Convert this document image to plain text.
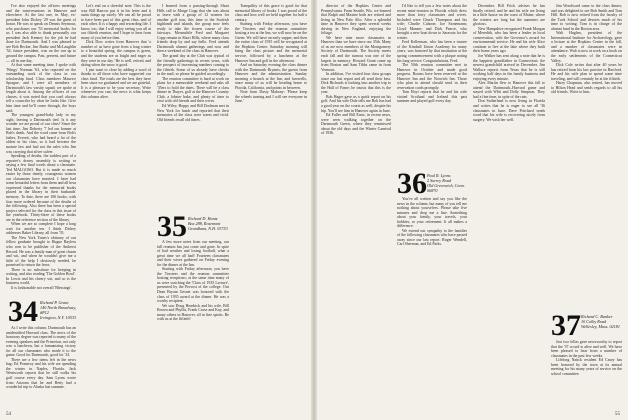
I've also enjoyed the officers meetings and the mini-reunions in Hanover and elsewhere. At the last one, in May, ex-president John Dickey '29 was the guest of honor. He was to speak on Dennis Seymour, who purchases our '53 memorial books for us. I was also able to thank personally our president Jack Kenney for the job he had done for Dartmouth. And I was pleased to see Bob Becker, Jim Burke and McLaughlin '54, future president, was on the run up to ground the campus. Past, present, and future — all in one day.

At that same meeting time, I spoke with 'Wingy' Norman '63, who reported on the outstanding work of the class in our scholarship fund. Class members Maurice Sprague, and I were all members of Dartmouth's law varsity squad; we spoke at length about it. Among the officers of our classes, it was noted that you can't always tell a councilor by what he looks like. Give him time and he'll come through, the boys said.

The youngest grand-baby lady in my sight, leaving a Dartmouth tied. Is it any wonder we are proud of our class? Since the last time, Jim Doherty '7 led our banner at Bob's death. And the word came from Bob's father, Everett, who had heard a lot of the oldest in his class, so it had become the mature law and had not the sales who Jim was carrying that silver salver.

Speaking of deaths, the saddest part of a reporter's dreary assembly is writing or saying a few final words about a classmate. Ted MALGOSO. But it is made so much easier by those timely, courageous women our classmates have married. I have had some beautiful letters from them and all bear expressed thanks for the memorial books placed in the library in their husbands' memory. To date, there are 106 books, with four more ordered because of the deaths of the following. Also there has been a special project selected for the class in this issue of the yearbook. Thirty-three of these books are in the reference section of the library.

When we are so complete I hope a long wait for another ten. I think Dickey addresses Baker Library, all from '35.

The New York Times's obituary of our fellow graduate brought to Hugue Bayless who rose to be publisher of the Amherst Record. He was a family man of great charm and wit, and when he wouldn't give me a little of the help I obviously needed, he promised to return the favor.

There is no substitute for keeping in writing, and also reading 'The Golden Bowl'. In Lewis and his cheery wit, and so is the business world.

It is fashionable not overall 'Blessings'.

34 Richard P. Grant
140 North Broadway, #P12
Irvington, N.Y. 10533

As I write this column, Dartmouth has an unidentified Harvard class. The news of the honorary degree was reported to many of the evening speakers and the Princeton, not only was a luncheon, but a humanizing victory for all our classmates who made it to the game. Good for Dartmouth, good for '34.

There are a few items left in the news bag: Ed Pomeroy and his wife are spending the winter in Naples, Florida. Jack Wentworth reports that he still walks his golf course every day. Sam Lyons wrote from Arizona that he and Betty had a wonderful trip to Alaska last summer.

Let's end on a cheerful note. This is the way Bill Barrow put it in his letter and it sums things up nicely. We can all be proud to have been part of this great class, and of each other. It is a happy and rewarding life. I know, too, that I will enjoy seeing you all at our fiftieth reunion, and I hope to hear from many of you before then.

Dick Dow writes from Hanover that 'a number of us have gone from a long winter to a beautiful spring, the campus is green, and the students are as bright and eager as they were in our day.' He is well, retired, and skiing when the snow is good.

I just want to close by adding a word of thanks to all those who have supported our class fund. The totals are the best they have been since we graduated and we are grateful. It is a pleasure to be your secretary. Write whenever you can; the news is what keeps this column alive.

I learned from a passing-through Shurt Hills call to Marge Copp that she was about to leave with a group of 12 women for another golf tour, this time to the Scottish highlands and islands, the group now feels ready to take the frozen course of the fairways. Meanwhile Fred and Margaret Copp remain in Short Hills, where many class friends drop by and say hello. Fred attends Dartmouth alumni gatherings and now and then a weekend of the class in Hanover.

The grand day at the Club was typical of the friendly gatherings in recent years, with the prospect of increasing numbers coming to the fiftieth. Some of us already have checks in the mail, so please be guided accordingly.

The reunion committee is hard at work on plans for a memorable weekend and asks all '35ers to hold the dates. There will be a class dinner in Thayer, golf at the Hanover Country Club, a lobster bake, and plenty of time to visit with old friends and their wives.

Ed Wiley, Hoppy and Bill Dorfman met in New York for lunch and reported that their memories of the class were warm and vivid. Old friends recall old times.

35 Richard D. Hantz
Box 288, Rosemont
Grandham, N.H. 03753

A few more notes from our meeting, our fall reunion has just come and gone. In spite of bad weather and losing football, what a great time we all had! Fourteen classmates and their wives gathered on Friday evening for the dinner at the Inn.

Starting with Friday afternoon, you have the Trustees and the reunion committee hosting receptions; at the same time many of us were watching the 'Class of 1935 Lecture', presented by the Provost of the college. Our Dean Bryant Gesner was honored with the class of 1935 award at the dinner. He was a worthy recipient.

We saw Doug Hendrick and his wife, Bill Brown and Phyllis, Frank Cruse and Kay, and many others in Hanover, all in fine spirits. Be with us at the fiftieth!

Tranquility of this grace is good for that memorial library of books. I was proud of the class and how well we held together for half a century.

Starting with Friday afternoon, you have the Trustees and the reunion committee hosting a tea at the Inn, we will now be on the Green. We will have an early supper, and then the entire class of 1935 will be recognized at the Hopkins Center. Saturday morning will bring the class picture and the memorial service, followed by a luncheon at the Hanover Inn and golf in the afternoon.

And on Saturday evening the class dinner with the Dartmouth Bryants, the guests from Hanover and the administration. Sunday morning a brunch at the Inn, and farewells, since many of us will be heading home to Florida, California, and points in between.

Note from Dusty Mahony: 'Please keep the wheels turning and I will see everyone in June.'

54

director of the Hopkins Center and Pennsylvania. From Seattle, Wis. we learned that Ralph and Maxine both are retired and living in New Palo Alto. After a splendid time in Hanover they spent several weeks driving in New England, enjoying the foliage.

We have nine more classmates in Hanover than we have since our 35th. Many of us are now members of the Montgomery Society of Dartmouth. The Society meets each fall and the turnout was one of the largest in memory. Howard Grant came up from Boston and Sam Tibbs came in from Vermont.

In addition, I've visited four class groups since our last report and all send their best. Dick Richards is looking into another trip to the Hall of Fame; he insists that this is the year.

Bob Hager gave us a quick report on his golf. And his wife Dale tells me Bob has had a good year on the courts as well, despite his hip. You'll see him in Hanover again in June.

Ed Fuller and Bill Ernst, in recent news, were seen walking together on the Dartmouth Green, where they reminisced about the old days and the Winter Carnival of 1936.

I'd like to tell you a few notes about the recent mini-reunion in Florida which drew more than forty classmates and wives. Included were Chuck Thompson and his wife; Charlie Cahoon; Joe Stonemann; Lloyd Manzer; and Dick Pearce, who brought a new boat down to Sarasota for the winter.

Fred Kellerman, who has been a trustee of the Kimball Union Academy for many years, was honored by that institution at the spring commencement with a plaque noting his long service. Congratulations, Fred.

The 50th reunion committee met in Hanover in October and made good progress. Rooms have been reserved at the Hanover Inn and the Norwich Inn. Those who plan to attend should send in their reservation cards promptly.

Tom Hoyt reports that he and his wife visited Scotland and Ireland this past summer and played golf every day.

36 Paul R. Lyons
2 Surrey Road
Old Greenwich, Conn. 06870

You've all written and say you like the news in the column, but many of you tell me nothing about yourselves. Please take five minutes and drop me a line. Something about your family, your travels, your hobbies, or your retirement. It all makes a difference.

We extend our sympathy to the families of the following classmates who have passed away since our last report: Roger Wendell, Carl Sherman, and Ed Parks.

December. Bill Frick advises he has finally retired, and he and his wife are living in a little house on the coast of Maine, where the winters are long but the summers are glorious.

New Hampshire recognized Frank Morgan of Meredith, who has been a leader in local conservation, with the Governor's award for environmental service. He and his wife Alice continue to live at the lake where they built their home years ago.

Joe Walker has sent along a note that he is the happiest grandfather in Connecticut; the newest grandchild arrived in December. Jim Wallace reports from Texas that he is still working half days in the family business and enjoying every minute.

Alex Martin flew to Hanover this fall to attend the Dartmouth–Harvard game and stayed with Whit and Dolly Simpson. They had a fine time, in spite of the rain.

Don Sutherland is now living in Florida and writes that he is eager to see all '36 classmates in June. Dave Pritchard sends word that his wife is recovering nicely from surgery. We wish her well.

Jim Woodward came to the class dinner, and was delighted to see Bob Smith and Tom Hill. Bob is now retired from the faculty of the Tuck School and devotes much of his time to writing. Tom is in charge of the alumni fund in the Boston area.

Walt Hughes, president of the International Institute for Archaeology, gave a lecture at the Hopkins Center in the fall, and a number of classmates were in attendance. Walt is now at work on a book on the early settlements of the Connecticut Valley.

Dick Cole writes that after 40 years he has retired from his law practice in Hartford. He and his wife plan to spend some time traveling, and will certainly be at the fiftieth.

Harry Chapman, also retired, has moved to Hilton Head and sends regards to all his old friends. Write to him.

37 Richard C. Banker
10 Colby Road
Wellesley, Mass. 02181

Just two fellas gave newsworthy to report that the '37 crowd is alive and well. We have been pleased to hear from a number of classmates in the past few weeks.

Lifelong Natick resident Ed Casey has been honored by the town at its annual meeting for his many years of service on the school committee.

55
